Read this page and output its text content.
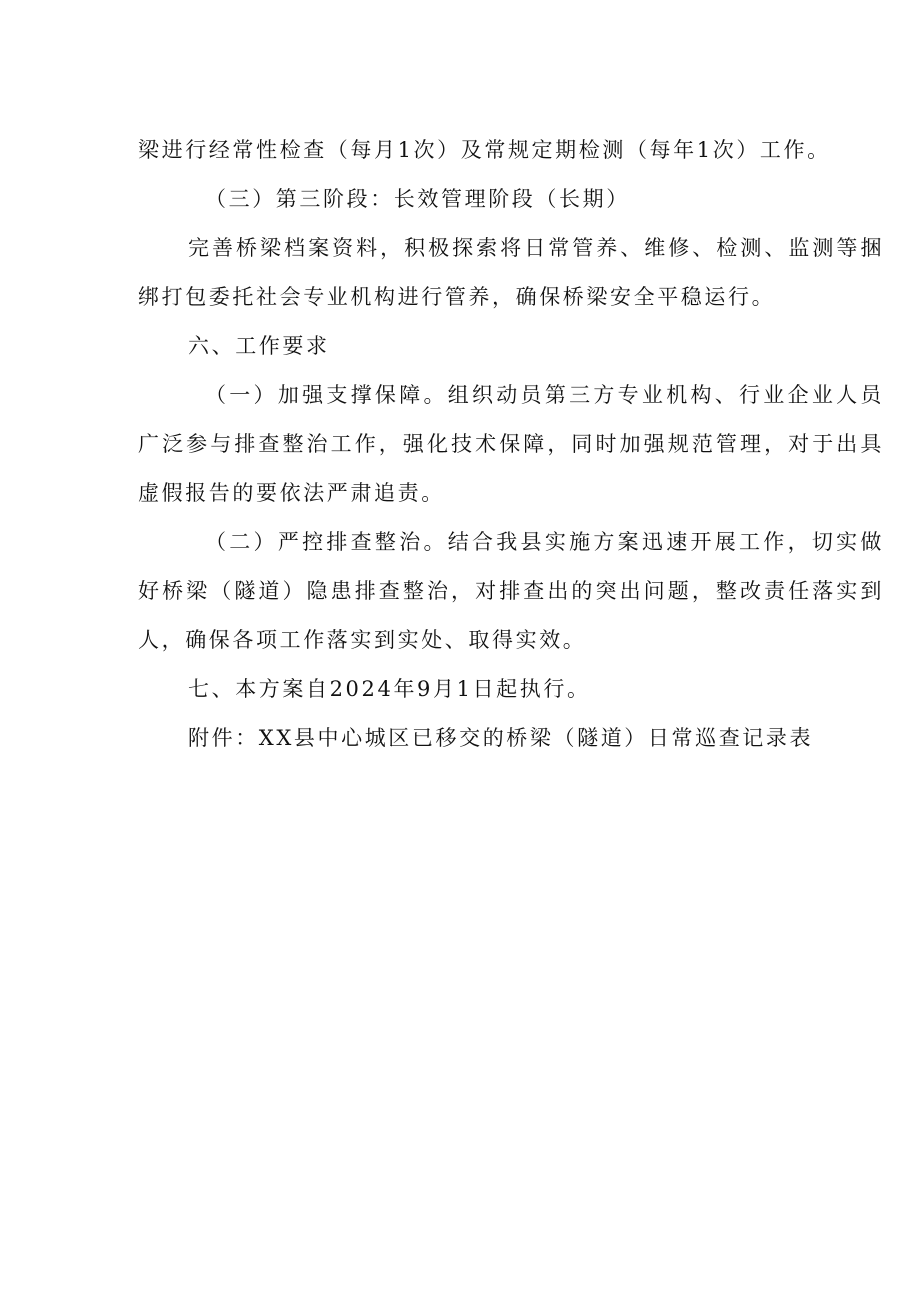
梁进行经常性检查（每月1次）及常规定期检测（每年1次）工作。

（三）第三阶段：长效管理阶段（长期）

完善桥梁档案资料，积极探索将日常管养、维修、检测、监测等捆绑打包委托社会专业机构进行管养，确保桥梁安全平稳运行。

六、工作要求

（一）加强支撑保障。组织动员第三方专业机构、行业企业人员广泛参与排查整治工作，强化技术保障，同时加强规范管理，对于出具虚假报告的要依法严肃追责。

（二）严控排查整治。结合我县实施方案迅速开展工作，切实做好桥梁（隧道）隐患排查整治，对排查出的突出问题，整改责任落实到人，确保各项工作落实到实处、取得实效。

七、本方案自2024年9月1日起执行。

附件：XX县中心城区已移交的桥梁（隧道）日常巡查记录表
